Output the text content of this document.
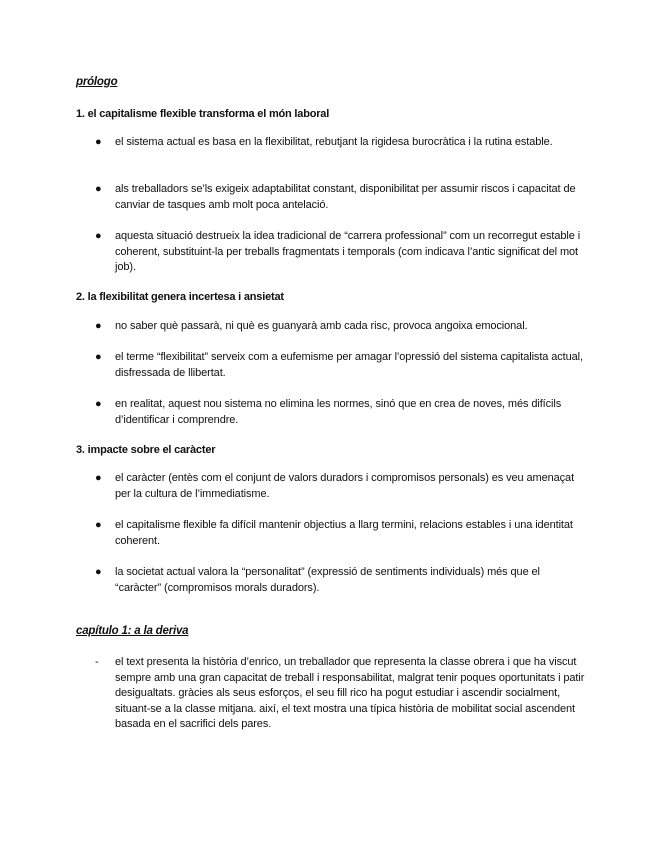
prólogo
1. el capitalisme flexible transforma el món laboral
● el sistema actual es basa en la flexibilitat, rebutjant la rigidesa burocràtica i la rutina estable.
● als treballadors se’ls exigeix adaptabilitat constant, disponibilitat per assumir riscos i capacitat de canviar de tasques amb molt poca antelació.
● aquesta situació destrueix la idea tradicional de “carrera professional” com un recorregut estable i coherent, substituint-la per treballs fragmentats i temporals (com indicava l’antic significat del mot job).
2. la flexibilitat genera incertesa i ansietat
● no saber què passarà, ni què es guanyarà amb cada risc, provoca angoixa emocional.
● el terme “flexibilitat” serveix com a eufemisme per amagar l’opressió del sistema capitalista actual, disfressada de llibertat.
● en realitat, aquest nou sistema no elimina les normes, sinó que en crea de noves, més difícils d’identificar i comprendre.
3. impacte sobre el caràcter
● el caràcter (entès com el conjunt de valors duradors i compromisos personals) es veu amenaçat per la cultura de l’immediatisme.
● el capitalisme flexible fa difícil mantenir objectius a llarg termini, relacions estables i una identitat coherent.
● la societat actual valora la “personalitat” (expressió de sentiments individuals) més que el “caràcter” (compromisos morals duradors).
capítulo 1: a la deriva
- el text presenta la història d’enrico, un treballador que representa la classe obrera i que ha viscut sempre amb una gran capacitat de treball i responsabilitat, malgrat tenir poques oportunitats i patir desigualtats. gràcies als seus esforços, el seu fill rico ha pogut estudiar i ascendir socialment, situant-se a la classe mitjana. així, el text mostra una típica història de mobilitat social ascendent basada en el sacrifici dels pares.
